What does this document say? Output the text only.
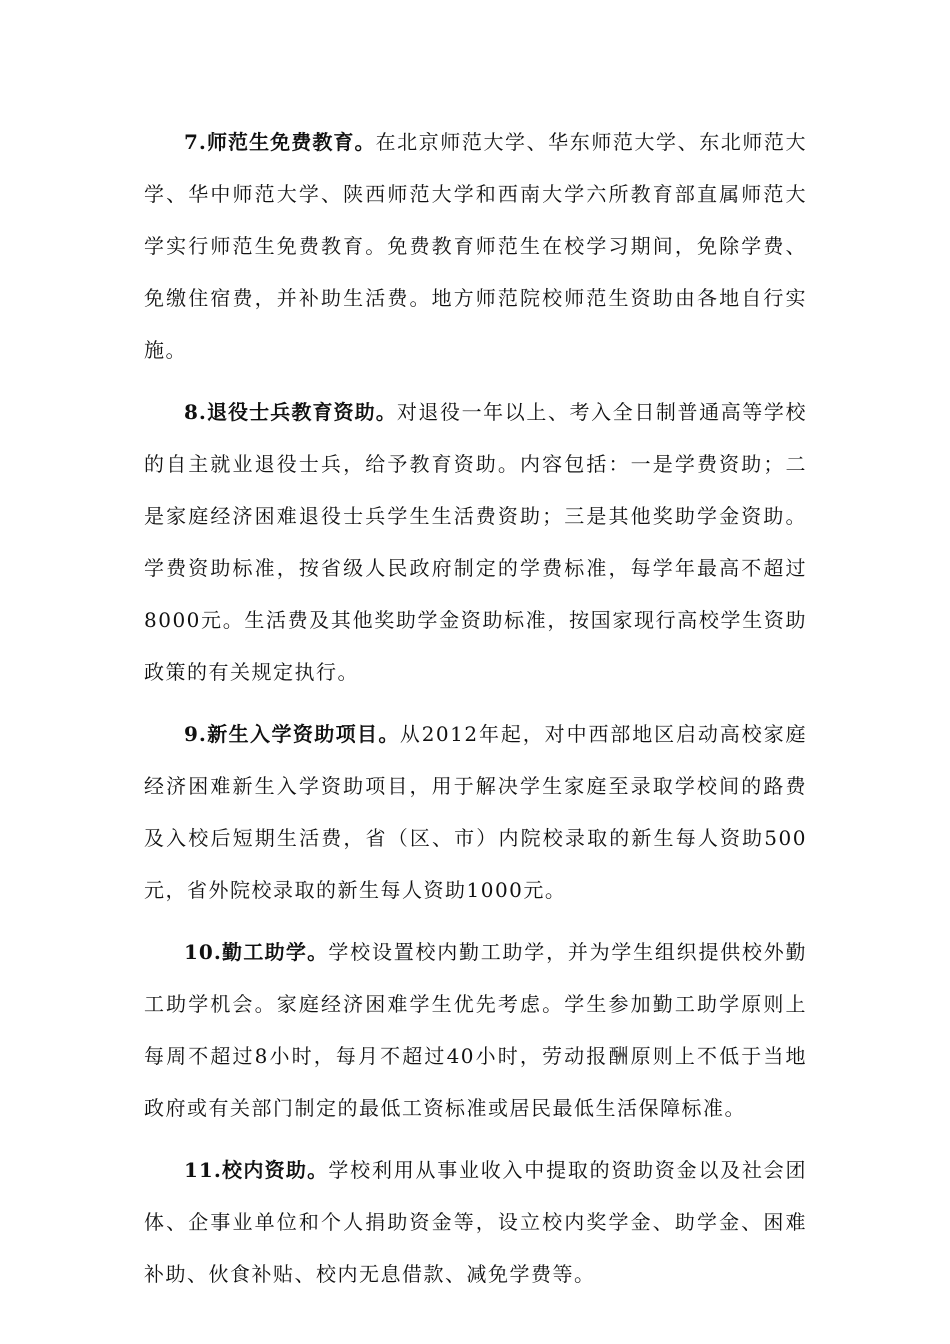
7.师范生免费教育。在北京师范大学、华东师范大学、东北师范大学、华中师范大学、陕西师范大学和西南大学六所教育部直属师范大学实行师范生免费教育。免费教育师范生在校学习期间，免除学费、免缴住宿费，并补助生活费。地方师范院校师范生资助由各地自行实施。

8.退役士兵教育资助。对退役一年以上、考入全日制普通高等学校的自主就业退役士兵，给予教育资助。内容包括：一是学费资助；二是家庭经济困难退役士兵学生生活费资助；三是其他奖助学金资助。学费资助标准，按省级人民政府制定的学费标准，每学年最高不超过8000元。生活费及其他奖助学金资助标准，按国家现行高校学生资助政策的有关规定执行。

9.新生入学资助项目。从2012年起，对中西部地区启动高校家庭经济困难新生入学资助项目，用于解决学生家庭至录取学校间的路费及入校后短期生活费，省（区、市）内院校录取的新生每人资助500元，省外院校录取的新生每人资助1000元。

10.勤工助学。学校设置校内勤工助学，并为学生组织提供校外勤工助学机会。家庭经济困难学生优先考虑。学生参加勤工助学原则上每周不超过8小时，每月不超过40小时，劳动报酬原则上不低于当地政府或有关部门制定的最低工资标准或居民最低生活保障标准。

11.校内资助。学校利用从事业收入中提取的资助资金以及社会团体、企事业单位和个人捐助资金等，设立校内奖学金、助学金、困难补助、伙食补贴、校内无息借款、减免学费等。
